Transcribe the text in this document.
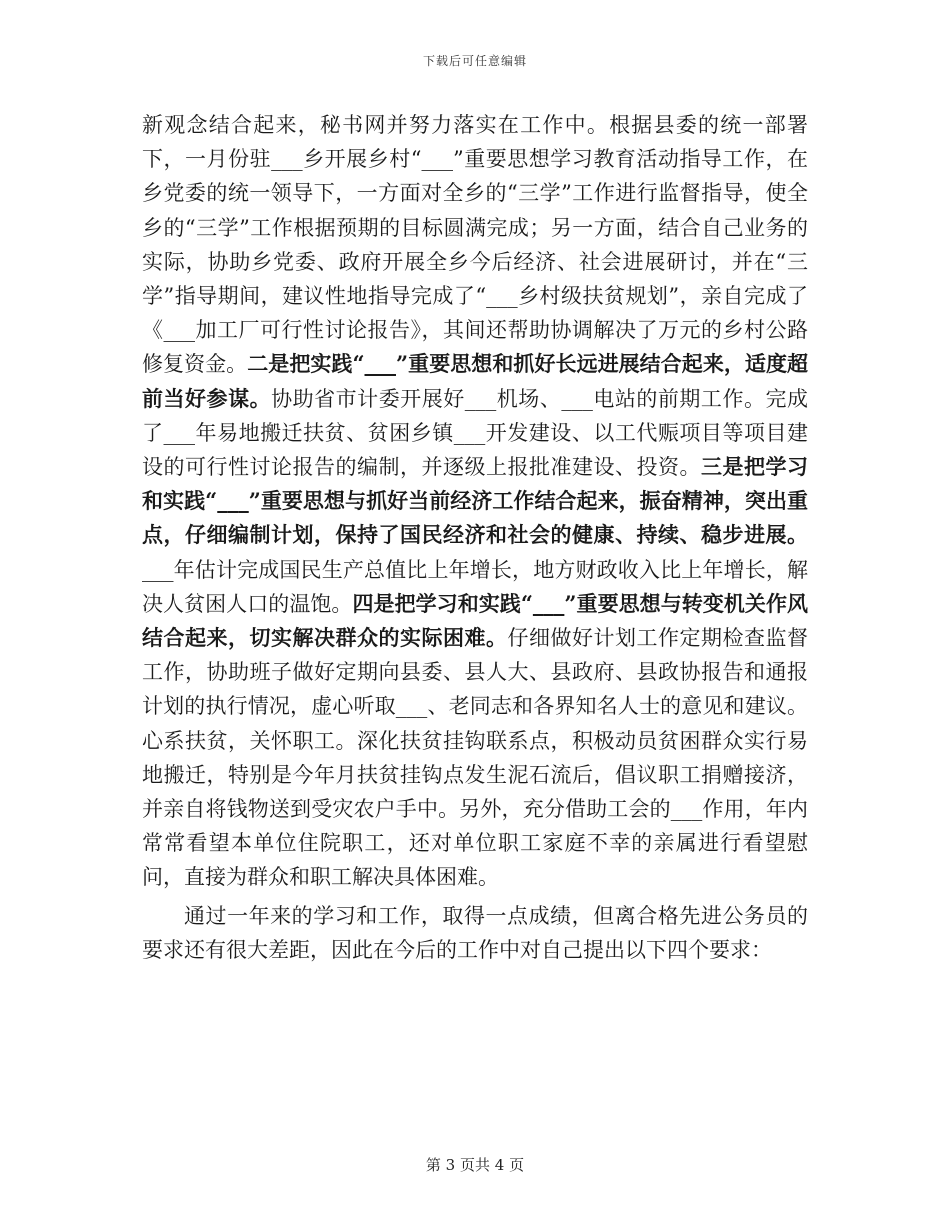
下载后可任意编辑

新观念结合起来，秘书网并努力落实在工作中。根据县委的统一部署下，一月份驻___乡开展乡村“___”重要思想学习教育活动指导工作，在乡党委的统一领导下，一方面对全乡的“三学”工作进行监督指导，使全乡的“三学”工作根据预期的目标圆满完成；另一方面，结合自己业务的实际，协助乡党委、政府开展全乡今后经济、社会进展研讨，并在“三学”指导期间，建议性地指导完成了“___乡村级扶贫规划”，亲自完成了《___加工厂可行性讨论报告》，其间还帮助协调解决了万元的乡村公路修复资金。二是把实践“___”重要思想和抓好长远进展结合起来，适度超前当好参谋。协助省市计委开展好___机场、___电站的前期工作。完成了___年易地搬迁扶贫、贫困乡镇___开发建设、以工代赈项目等项目建设的可行性讨论报告的编制，并逐级上报批准建设、投资。三是把学习和实践“___”重要思想与抓好当前经济工作结合起来，振奋精神，突出重点，仔细编制计划，保持了国民经济和社会的健康、持续、稳步进展。___年估计完成国民生产总值比上年增长，地方财政收入比上年增长，解决人贫困人口的温饱。四是把学习和实践“___”重要思想与转变机关作风结合起来，切实解决群众的实际困难。仔细做好计划工作定期检查监督工作，协助班子做好定期向县委、县人大、县政府、县政协报告和通报计划的执行情况，虚心听取___、老同志和各界知名人士的意见和建议。心系扶贫，关怀职工。深化扶贫挂钩联系点，积极动员贫困群众实行易地搬迁，特别是今年月扶贫挂钩点发生泥石流后，倡议职工捐赠接济，并亲自将钱物送到受灾农户手中。另外，充分借助工会的___作用，年内常常看望本单位住院职工，还对单位职工家庭不幸的亲属进行看望慰问，直接为群众和职工解决具体困难。

通过一年来的学习和工作，取得一点成绩，但离合格先进公务员的要求还有很大差距，因此在今后的工作中对自己提出以下四个要求：

第 3 页共 4 页
